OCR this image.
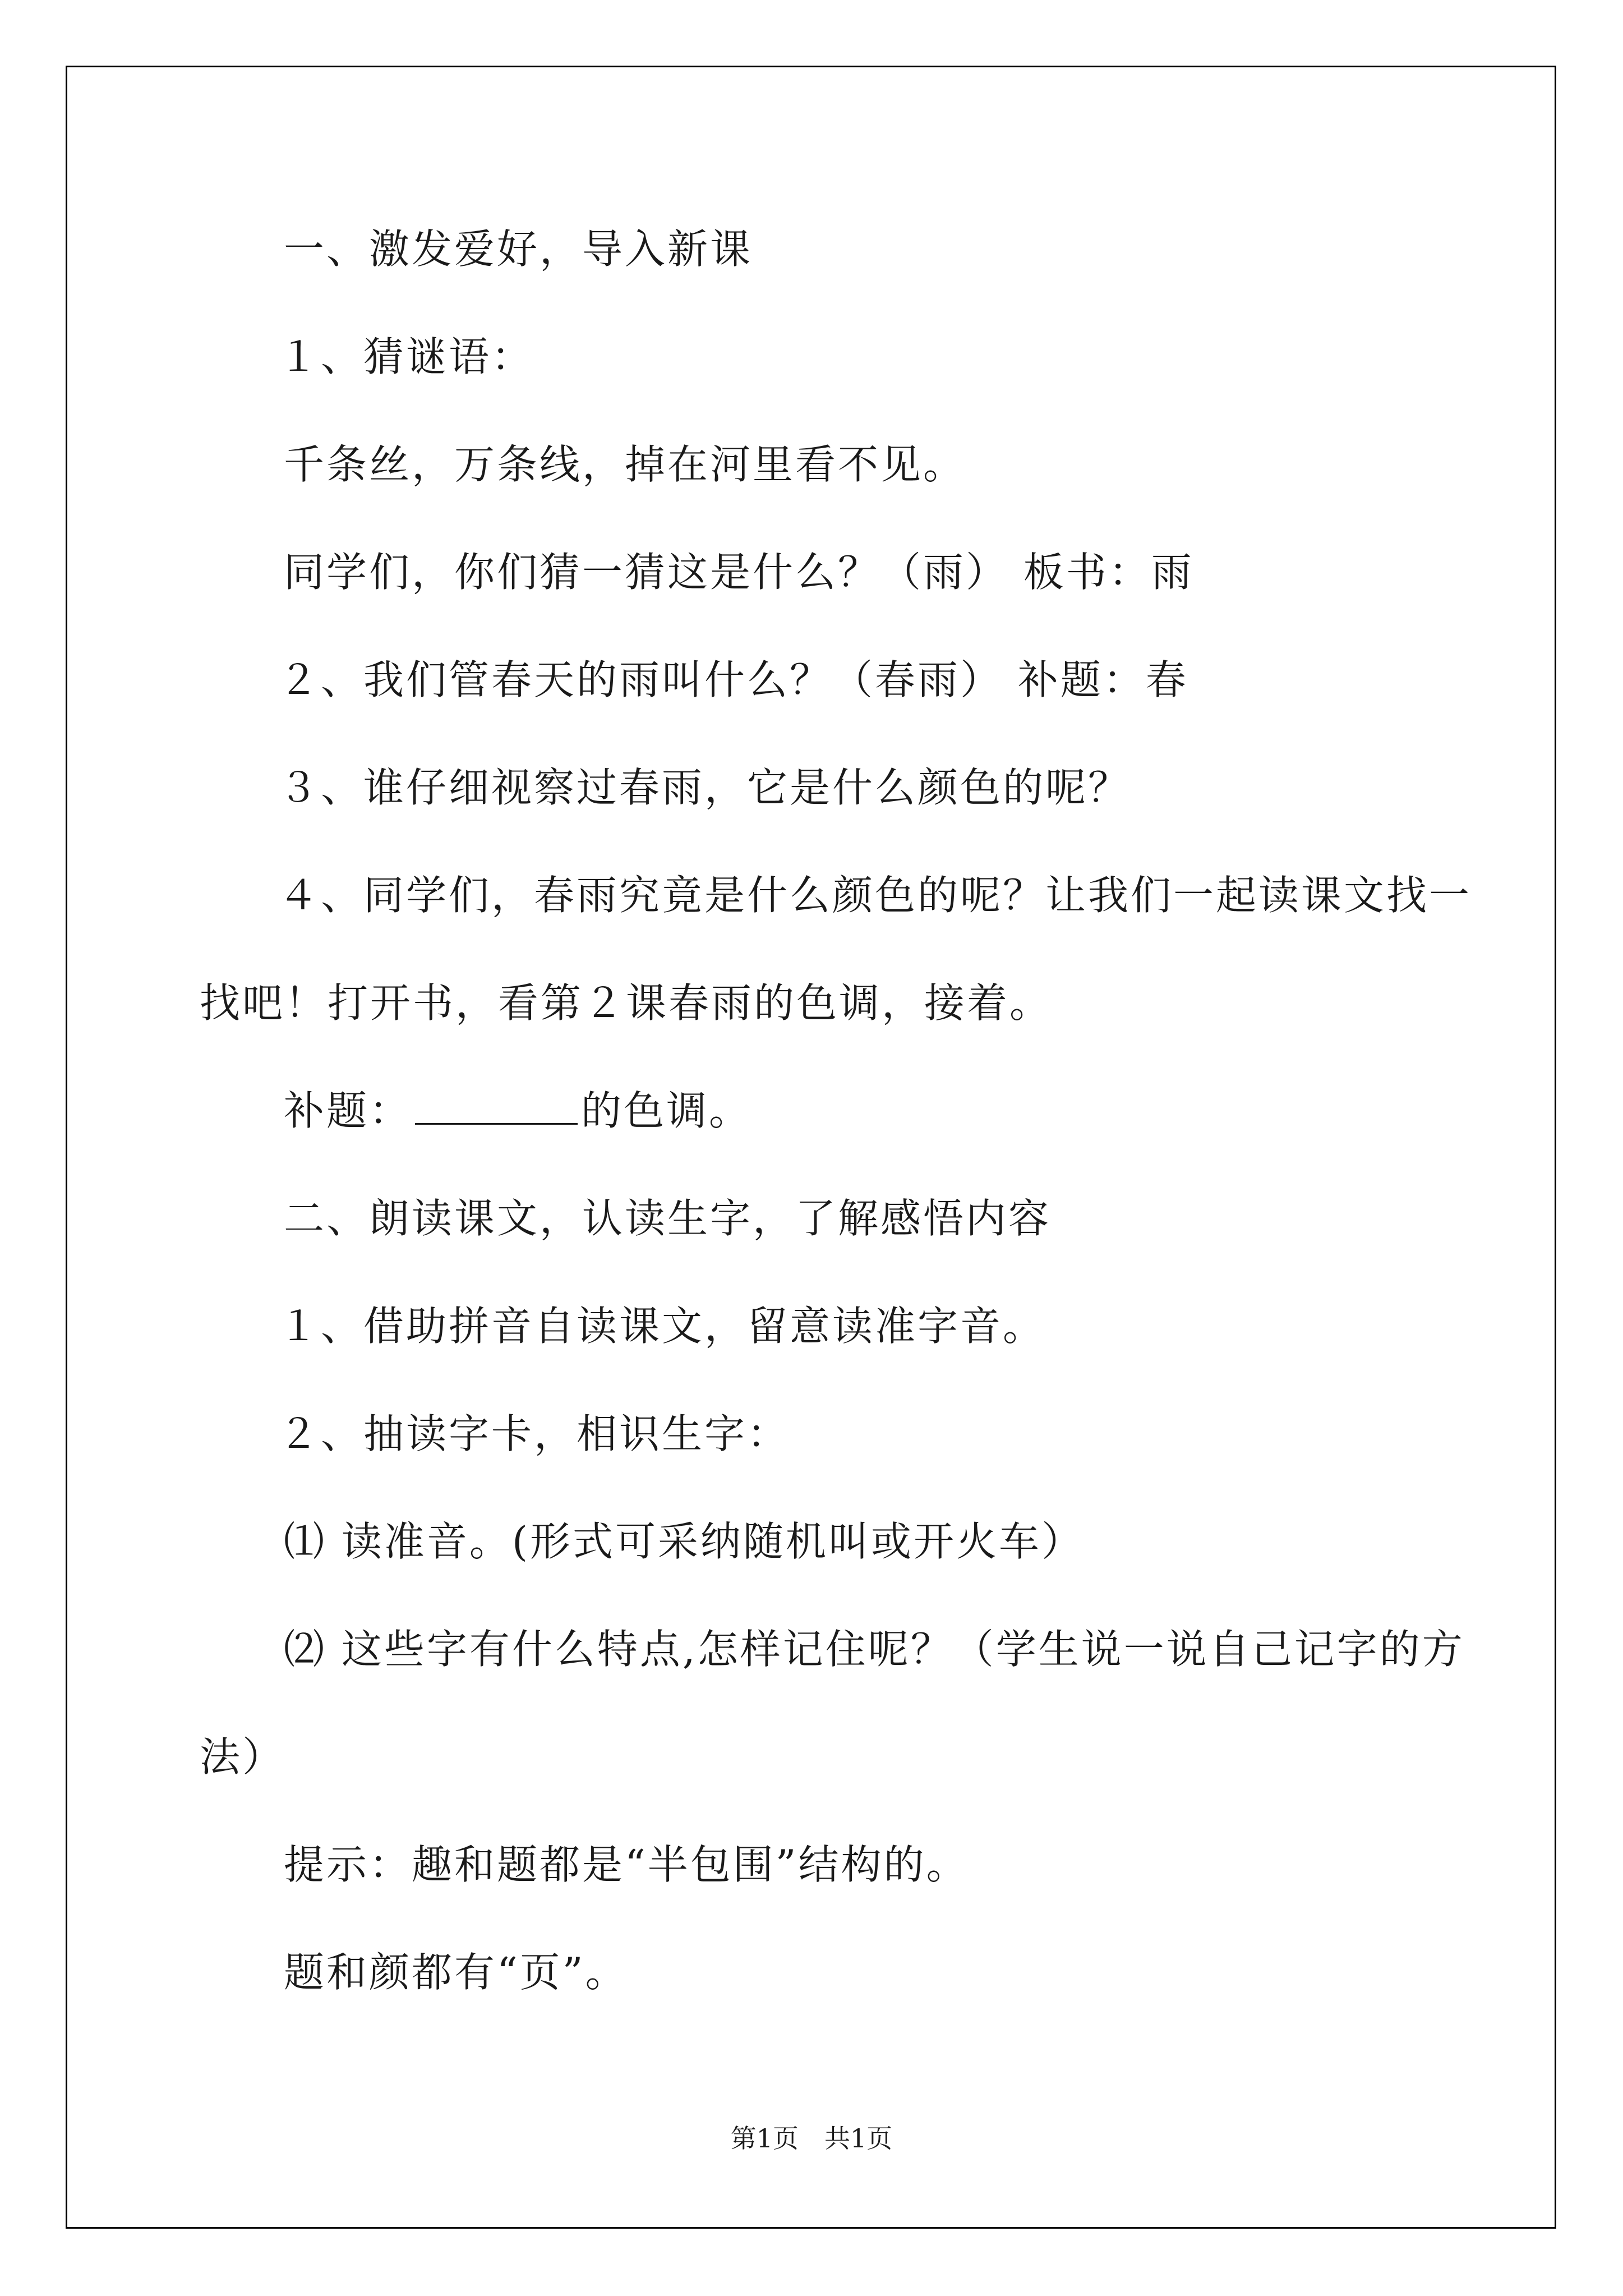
一、激发爱好，导入新课
１、猜谜语：
千条丝，万条线，掉在河里看不见。
同学们，你们猜一猜这是什么？（雨） 板书：雨
２、我们管春天的雨叫什么？（春雨） 补题：春
３、谁仔细视察过春雨，它是什么颜色的呢？
４、同学们，春雨究竟是什么颜色的呢？让我们一起读课文找一
找吧！打开书，看第２课春雨的色调，接着。
补题：	的色调。
二、朗读课文，认读生字，了解感悟内容
１、借助拼音自读课文，留意读准字音。
２、抽读字卡，相识生字：
⑴ 读准音。(形式可采纳随机叫或开火车）
⑵ 这些字有什么特点,怎样记住呢？（学生说一说自己记字的方
法）
提示：趣和题都是“半包围”结构的。
题和颜都有“页”。
第1页　共1页
